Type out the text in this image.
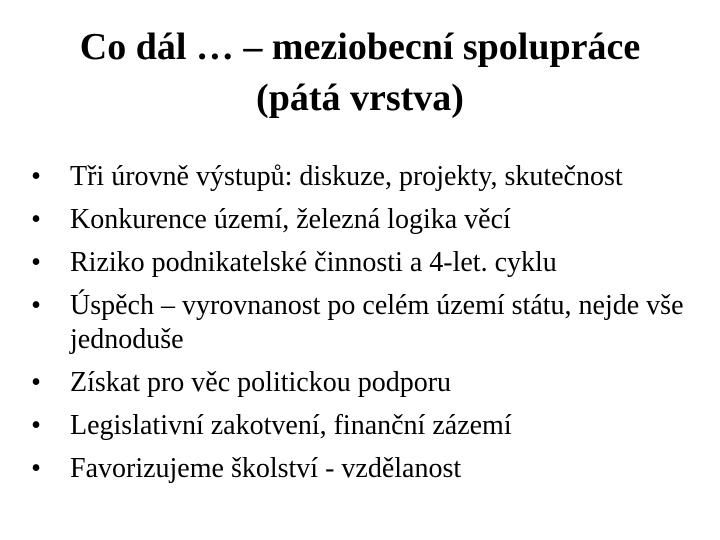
Co dál … – meziobecní spolupráce
(pátá vrstva)
• Tři úrovně výstupů: diskuze, projekty, skutečnost
• Konkurence území, železná logika věcí
• Riziko podnikatelské činnosti a 4-let. cyklu
• Úspěch – vyrovnanost po celém území státu, nejde vše jednoduše
• Získat pro věc politickou podporu
• Legislativní zakotvení, finanční zázemí
• Favorizujeme školství - vzdělanost
